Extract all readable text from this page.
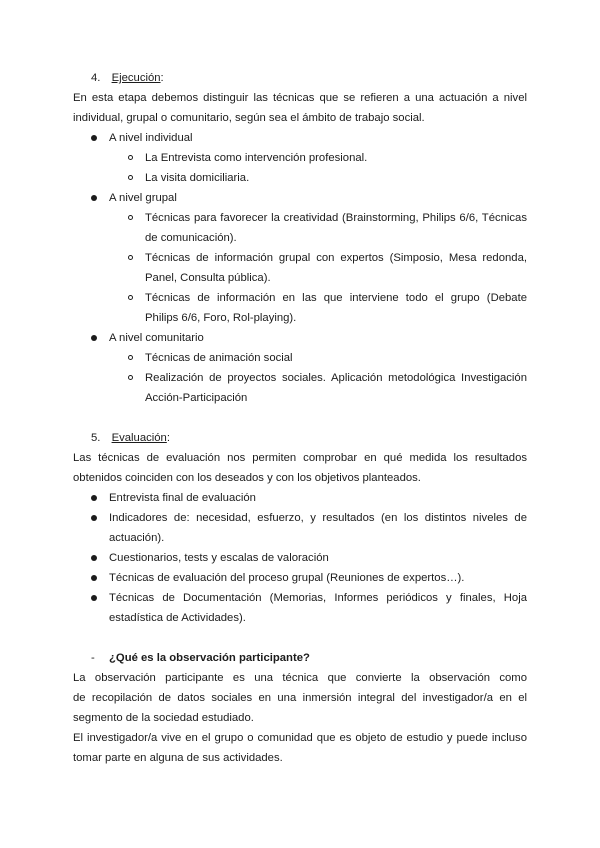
4. Ejecución:
En esta etapa debemos distinguir las técnicas que se refieren a una actuación a nivel
individual, grupal o comunitario, según sea el ámbito de trabajo social.
A nivel individual
La Entrevista como intervención profesional.
La visita domiciliaria.
A nivel grupal
Técnicas para favorecer la creatividad (Brainstorming, Philips 6/6, Técnicas
de comunicación).
Técnicas de información grupal con expertos (Simposio, Mesa redonda,
Panel, Consulta pública).
Técnicas de información en las que interviene todo el grupo (Debate
Philips 6/6, Foro, Rol-playing).
A nivel comunitario
Técnicas de animación social
Realización de proyectos sociales. Aplicación metodológica Investigación
Acción-Participación
5. Evaluación:
Las técnicas de evaluación nos permiten comprobar en qué medida los resultados
obtenidos coinciden con los deseados y con los objetivos planteados.
Entrevista final de evaluación
Indicadores de: necesidad, esfuerzo, y resultados (en los distintos niveles de
actuación).
Cuestionarios, tests y escalas de valoración
Técnicas de evaluación del proceso grupal (Reuniones de expertos…).
Técnicas de Documentación (Memorias, Informes periódicos y finales, Hoja
estadística de Actividades).
- ¿Qué es la observación participante?
La observación participante es una técnica que convierte la observación como
de recopilación de datos sociales en una inmersión integral del investigador/a en el
segmento de la sociedad estudiado.
El investigador/a vive en el grupo o comunidad que es objeto de estudio y puede incluso
tomar parte en alguna de sus actividades.
